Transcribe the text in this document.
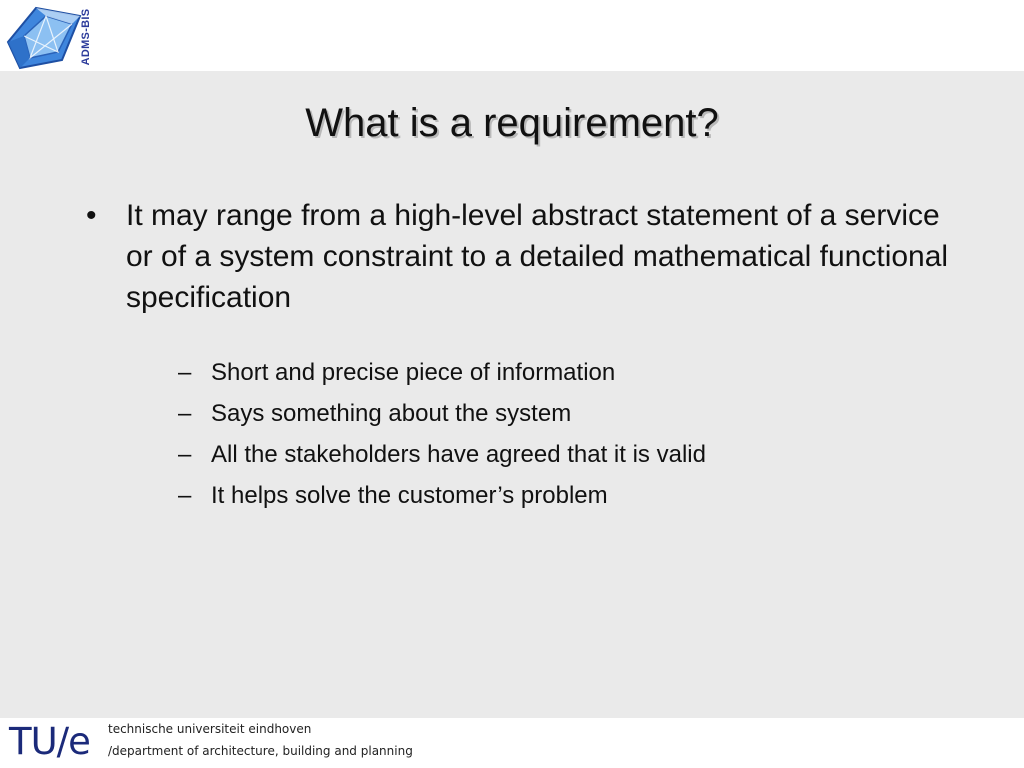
ADMS-BIS
What is a requirement?
• It may range from a high-level abstract statement of a service or of a system constraint to a detailed mathematical functional specification
– Short and precise piece of information
– Says something about the system
– All the stakeholders have agreed that it is valid
– It helps solve the customer’s problem
TU/e technische universiteit eindhoven
/department of architecture, building and planning
